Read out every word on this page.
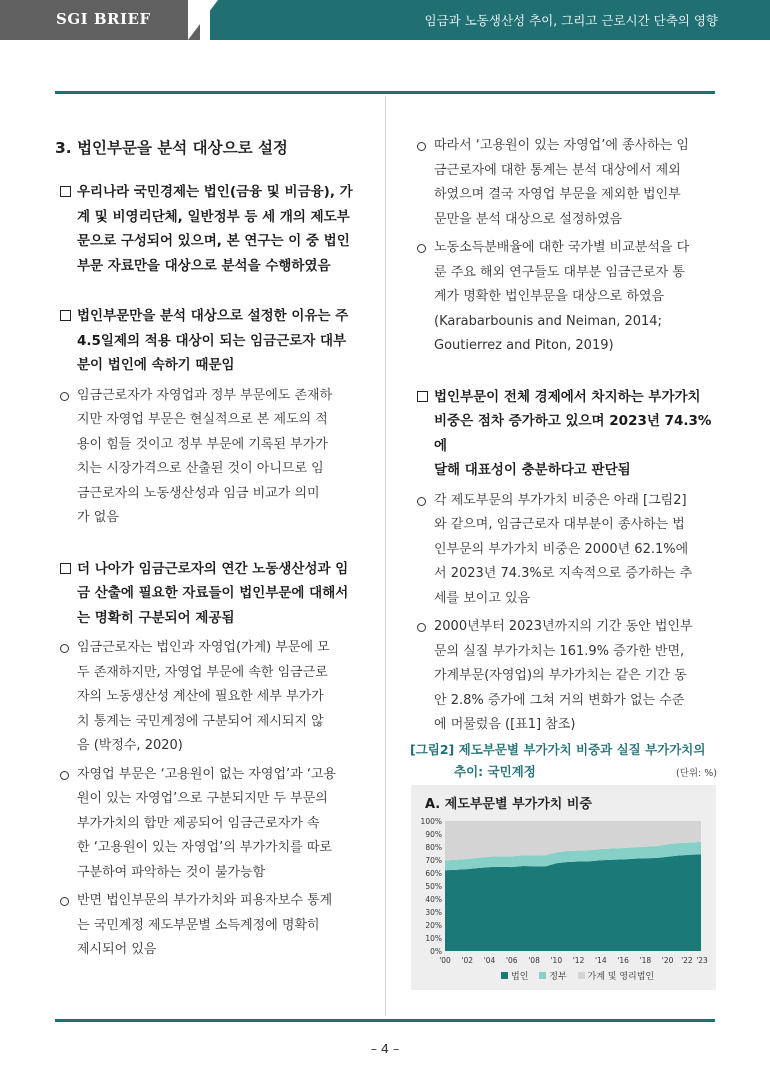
SGI BRIEF	임금과 노동생산성 추이, 그리고 근로시간 단축의 영향
– 4 –
3. 법인부문을 분석 대상으로 설정
우리나라 국민경제는 법인(금융 및 비금융), 가
계 및 비영리단체, 일반정부 등 세 개의 제도부
문으로 구성되어 있으며, 본 연구는 이 중 법인
부문 자료만을 대상으로 분석을 수행하였음
법인부문만을 분석 대상으로 설정한 이유는 주
4.5일제의 적용 대상이 되는 임금근로자 대부
분이 법인에 속하기 때문임
임금근로자가 자영업과 정부 부문에도 존재하
지만 자영업 부문은 현실적으로 본 제도의 적
용이 힘들 것이고 정부 부문에 기록된 부가가
치는 시장가격으로 산출된 것이 아니므로 임
금근로자의 노동생산성과 임금 비교가 의미
가 없음
더 나아가 임금근로자의 연간 노동생산성과 임
금 산출에 필요한 자료들이 법인부문에 대해서
는 명확히 구분되어 제공됨
임금근로자는 법인과 자영업(가계) 부문에 모
두 존재하지만, 자영업 부문에 속한 임금근로
자의 노동생산성 계산에 필요한 세부 부가가
치 통계는 국민계정에 구분되어 제시되지 않
음 (박정수, 2020)
자영업 부문은 ‘고용원이 없는 자영업’과 ‘고용
원이 있는 자영업’으로 구분되지만 두 부문의
부가가치의 합만 제공되어 임금근로자가 속
한 ‘고용원이 있는 자영업’의 부가가치를 따로
구분하여 파악하는 것이 불가능함
반면 법인부문의 부가가치와 피용자보수 통계
는 국민계정 제도부문별 소득계정에 명확히
제시되어 있음
따라서 ‘고용원이 있는 자영업’에 종사하는 임
금근로자에 대한 통계는 분석 대상에서 제외
하였으며 결국 자영업 부문을 제외한 법인부
문만을 분석 대상으로 설정하였음
노동소득분배율에 대한 국가별 비교분석을 다
룬 주요 해외 연구들도 대부분 임금근로자 통
계가 명확한 법인부문을 대상으로 하였음
(Karabarbounis and Neiman, 2014;
Goutierrez and Piton, 2019)
법인부문이 전체 경제에서 차지하는 부가가치
비중은 점차 증가하고 있으며 2023년 74.3%에
달해 대표성이 충분하다고 판단됨
각 제도부문의 부가가치 비중은 아래 [그림2]
와 같으며, 임금근로자 대부분이 종사하는 법
인부문의 부가가치 비중은 2000년 62.1%에
서 2023년 74.3%로 지속적으로 증가하는 추
세를 보이고 있음
2000년부터 2023년까지의 기간 동안 법인부
문의 실질 부가가치는 161.9% 증가한 반면,
가계부문(자영업)의 부가가치는 같은 기간 동
안 2.8% 증가에 그쳐 거의 변화가 없는 수준
에 머물렀음 ([표1] 참조)
[그림2] 제도부문별 부가가치 비중과 실질 부가가치의
추이: 국민계정	(단위: %)
0%
10%
20%
30%
40%
50%
60%
70%
80%
90%
100%
'00 '02 '04 '06 '08 '10 '12 '14 '16 '18 '20 '22 '23
A. 제도부문별 부가가치 비중
법인 정부 가계 및 영리법인
